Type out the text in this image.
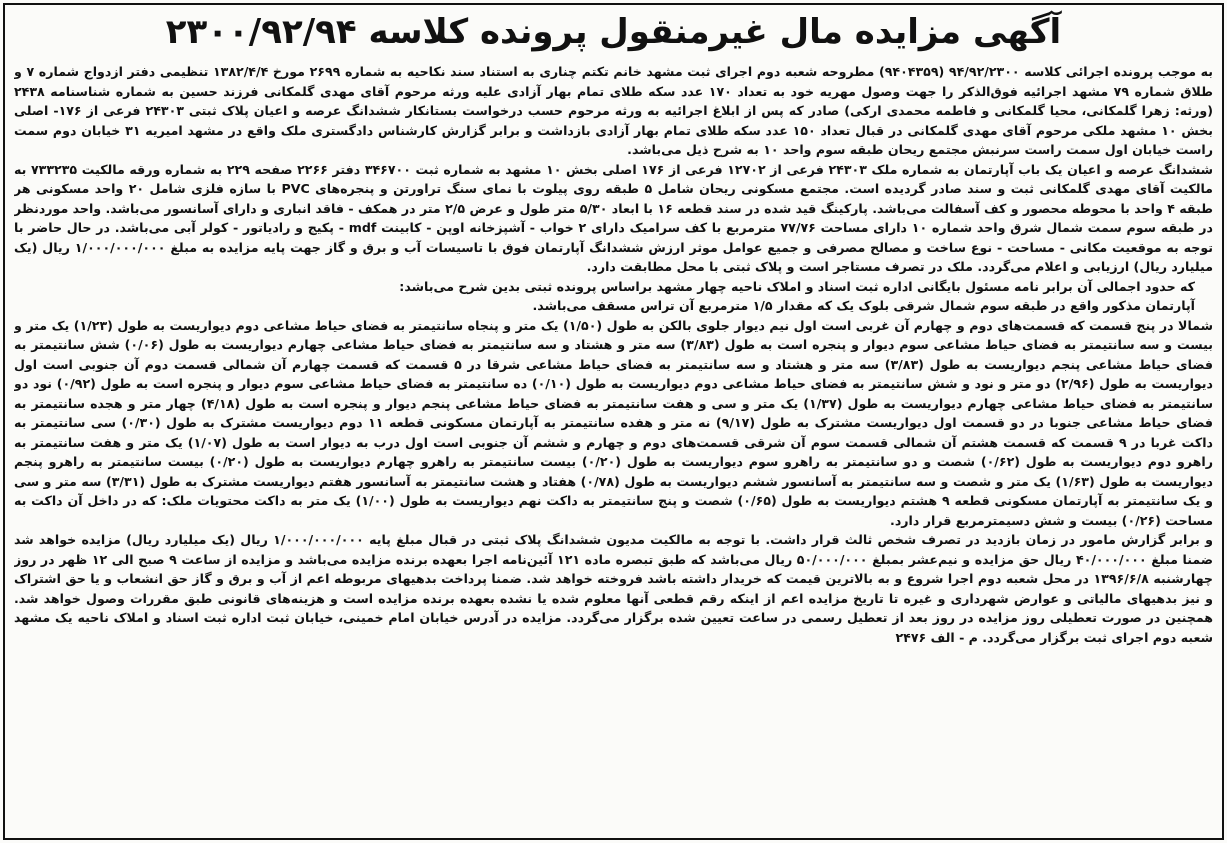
آگهی مزایده مال غیرمنقول پرونده کلاسه ۲۳۰۰/۹۲/۹۴

به موجب پرونده اجرائی کلاسه ۹۴/۹۲/۲۳۰۰ (۹۴۰۴۳۵۹) مطروحه شعبه دوم اجرای ثبت مشهد خانم تکتم چناری به استناد سند نکاحیه به شماره ۲۶۹۹ مورخ ۱۳۸۲/۴/۴ تنظیمی دفتر ازدواج شماره ۷ و طلاق شماره ۷۹ مشهد اجرائیه فوق‌الذکر را جهت وصول مهریه خود به تعداد ۱۷۰ عدد سکه طلای تمام بهار آزادی علیه ورثه مرحوم آقای مهدی گلمکانی فرزند حسین به شماره شناسنامه ۲۴۳۸ (ورثه: زهرا گلمکانی، محیا گلمکانی و فاطمه محمدی ارکی) صادر که پس از ابلاغ اجرائیه به ورثه مرحوم حسب درخواست بستانکار ششدانگ عرصه و اعیان پلاک ثبتی ۲۴۳۰۳ فرعی از ۱۷۶- اصلی بخش ۱۰ مشهد ملکی مرحوم آقای مهدی گلمکانی در قبال تعداد ۱۵۰ عدد سکه طلای تمام بهار آزادی بازداشت و برابر گزارش کارشناس دادگستری ملک واقع در مشهد امیریه ۳۱ خیابان دوم سمت راست خیابان اول سمت راست سرنبش مجتمع ریحان طبقه سوم واحد ۱۰ به شرح ذیل می‌باشد.

ششدانگ عرصه و اعیان یک باب آپارتمان به شماره ملک ۲۴۳۰۳ فرعی از ۱۲۷۰۲ فرعی از ۱۷۶ اصلی بخش ۱۰ مشهد به شماره ثبت ۳۴۶۷۰۰ دفتر ۲۲۶۶ صفحه ۲۲۹ به شماره ورقه مالکیت ۷۳۳۲۳۵ به مالکیت آقای مهدی گلمکانی ثبت و سند صادر گردیده است. مجتمع مسکونی ریحان شامل ۵ طبقه روی پیلوت با نمای سنگ تراورتن و پنجره‌های PVC با سازه فلزی شامل ۲۰ واحد مسکونی هر طبقه ۴ واحد با محوطه محصور و کف آسفالت می‌باشد. پارکینگ قید شده در سند قطعه ۱۶ با ابعاد ۵/۳۰ متر طول و عرض ۲/۵ متر در همکف - فاقد انباری و دارای آسانسور می‌باشد. واحد موردنظر در طبقه سوم سمت شمال شرق واحد شماره ۱۰ دارای مساحت ۷۷/۷۶ مترمربع با کف سرامیک دارای ۲ خواب - آشپزخانه اوپن - کابینت mdf - پکیج و رادیاتور - کولر آبی می‌باشد. در حال حاضر با توجه به موقعیت مکانی - مساحت - نوع ساخت و مصالح مصرفی و جمیع عوامل موثر ارزش ششدانگ آپارتمان فوق با تاسیسات آب و برق و گاز جهت پایه مزایده به مبلغ ۱/۰۰۰/۰۰۰/۰۰۰ ریال (یک میلیارد ریال) ارزیابی و اعلام می‌گردد. ملک در تصرف مستاجر است و پلاک ثبتی با محل مطابقت دارد.

که حدود اجمالی آن برابر نامه مسئول بایگانی اداره ثبت اسناد و املاک ناحیه چهار مشهد براساس پرونده ثبتی بدین شرح می‌باشد:

آپارتمان مذکور واقع در طبقه سوم شمال شرقی بلوک یک که مقدار ۱/۵ مترمربع آن تراس مسقف می‌باشد.

شمالا در پنج قسمت که قسمت‌های دوم و چهارم آن غربی است اول نیم دیوار جلوی بالکن به طول (۱/۵۰) یک متر و پنجاه سانتیمتر به فضای حیاط مشاعی دوم دیواریست به طول (۱/۲۳) یک متر و بیست و سه سانتیمتر به فضای حیاط مشاعی سوم دیوار و پنجره است به طول (۳/۸۳) سه متر و هشتاد و سه سانتیمتر به فضای حیاط مشاعی چهارم دیواریست به طول (۰/۰۶) شش سانتیمتر به فضای حیاط مشاعی پنجم دیواریست به طول (۳/۸۳) سه متر و هشتاد و سه سانتیمتر به فضای حیاط مشاعی شرقا در ۵ قسمت که قسمت چهارم آن شمالی قسمت دوم آن جنوبی است اول دیواریست به طول (۲/۹۶) دو متر و نود و شش سانتیمتر به فضای حیاط مشاعی دوم دیواریست به طول (۰/۱۰) ده سانتیمتر به فضای حیاط مشاعی سوم دیوار و پنجره است به طول (۰/۹۲) نود دو سانتیمتر به فضای حیاط مشاعی چهارم دیواریست به طول (۱/۳۷) یک متر و سی و هفت سانتیمتر به فضای حیاط مشاعی پنجم دیوار و پنجره است به طول (۴/۱۸) چهار متر و هجده سانتیمتر به فضای حیاط مشاعی جنوبا در دو قسمت اول دیواریست مشترک به طول (۹/۱۷) نه متر و هفده سانتیمتر به آپارتمان مسکونی قطعه ۱۱ دوم دیواریست مشترک به طول (۰/۳۰) سی سانتیمتر به داکت غربا در ۹ قسمت که قسمت هشتم آن شمالی قسمت سوم آن شرقی قسمت‌های دوم و چهارم و ششم آن جنوبی است اول درب به دیوار است به طول (۱/۰۷) یک متر و هفت سانتیمتر به راهرو دوم دیواریست به طول (۰/۶۲) شصت و دو سانتیمتر به راهرو سوم دیواریست به طول (۰/۲۰) بیست سانتیمتر به راهرو چهارم دیواریست به طول (۰/۲۰) بیست سانتیمتر به راهرو پنجم دیواریست به طول (۱/۶۳) یک متر و شصت و سه سانتیمتر به آسانسور ششم دیواریست به طول (۰/۷۸) هفتاد و هشت سانتیمتر به آسانسور هفتم دیواریست مشترک به طول (۳/۳۱) سه متر و سی و یک سانتیمتر به آپارتمان مسکونی قطعه ۹ هشتم دیواریست به طول (۰/۶۵) شصت و پنج سانتیمتر به داکت نهم دیواریست به طول (۱/۰۰) یک متر به داکت محتویات ملک: که در داخل آن داکت به مساحت (۰/۲۶) بیست و شش دسیمترمربع قرار دارد.

و برابر گزارش مامور در زمان بازدید در تصرف شخص ثالث قرار داشت. با توجه به مالکیت مدیون ششدانگ پلاک ثبتی در قبال مبلغ پایه ۱/۰۰۰/۰۰۰/۰۰۰ ریال (یک میلیارد ریال) مزایده خواهد شد ضمنا مبلغ ۴۰/۰۰۰/۰۰۰ ریال حق مزایده و نیم‌عشر بمبلغ ۵۰/۰۰۰/۰۰۰ ریال می‌باشد که طبق تبصره ماده ۱۲۱ آئین‌نامه اجرا بعهده برنده مزایده می‌باشد و مزایده از ساعت ۹ صبح الی ۱۲ ظهر در روز چهارشنبه ۱۳۹۶/۶/۸ در محل شعبه دوم اجرا شروع و به بالاترین قیمت که خریدار داشته باشد فروخته خواهد شد. ضمنا پرداخت بدهیهای مربوطه اعم از آب و برق و گاز حق انشعاب و یا حق اشتراک و نیز بدهیهای مالیاتی و عوارض شهرداری و غیره تا تاریخ مزایده اعم از اینکه رقم قطعی آنها معلوم شده یا نشده بعهده برنده مزایده است و هزینه‌های قانونی طبق مقررات وصول خواهد شد. همچنین در صورت تعطیلی روز مزایده در روز بعد از تعطیل رسمی در ساعت تعیین شده برگزار می‌گردد. مزایده در آدرس خیابان امام خمینی، خیابان ثبت اداره ثبت اسناد و املاک ناحیه یک مشهد شعبه دوم اجرای ثبت برگزار می‌گردد. م - الف ۲۴۷۶
